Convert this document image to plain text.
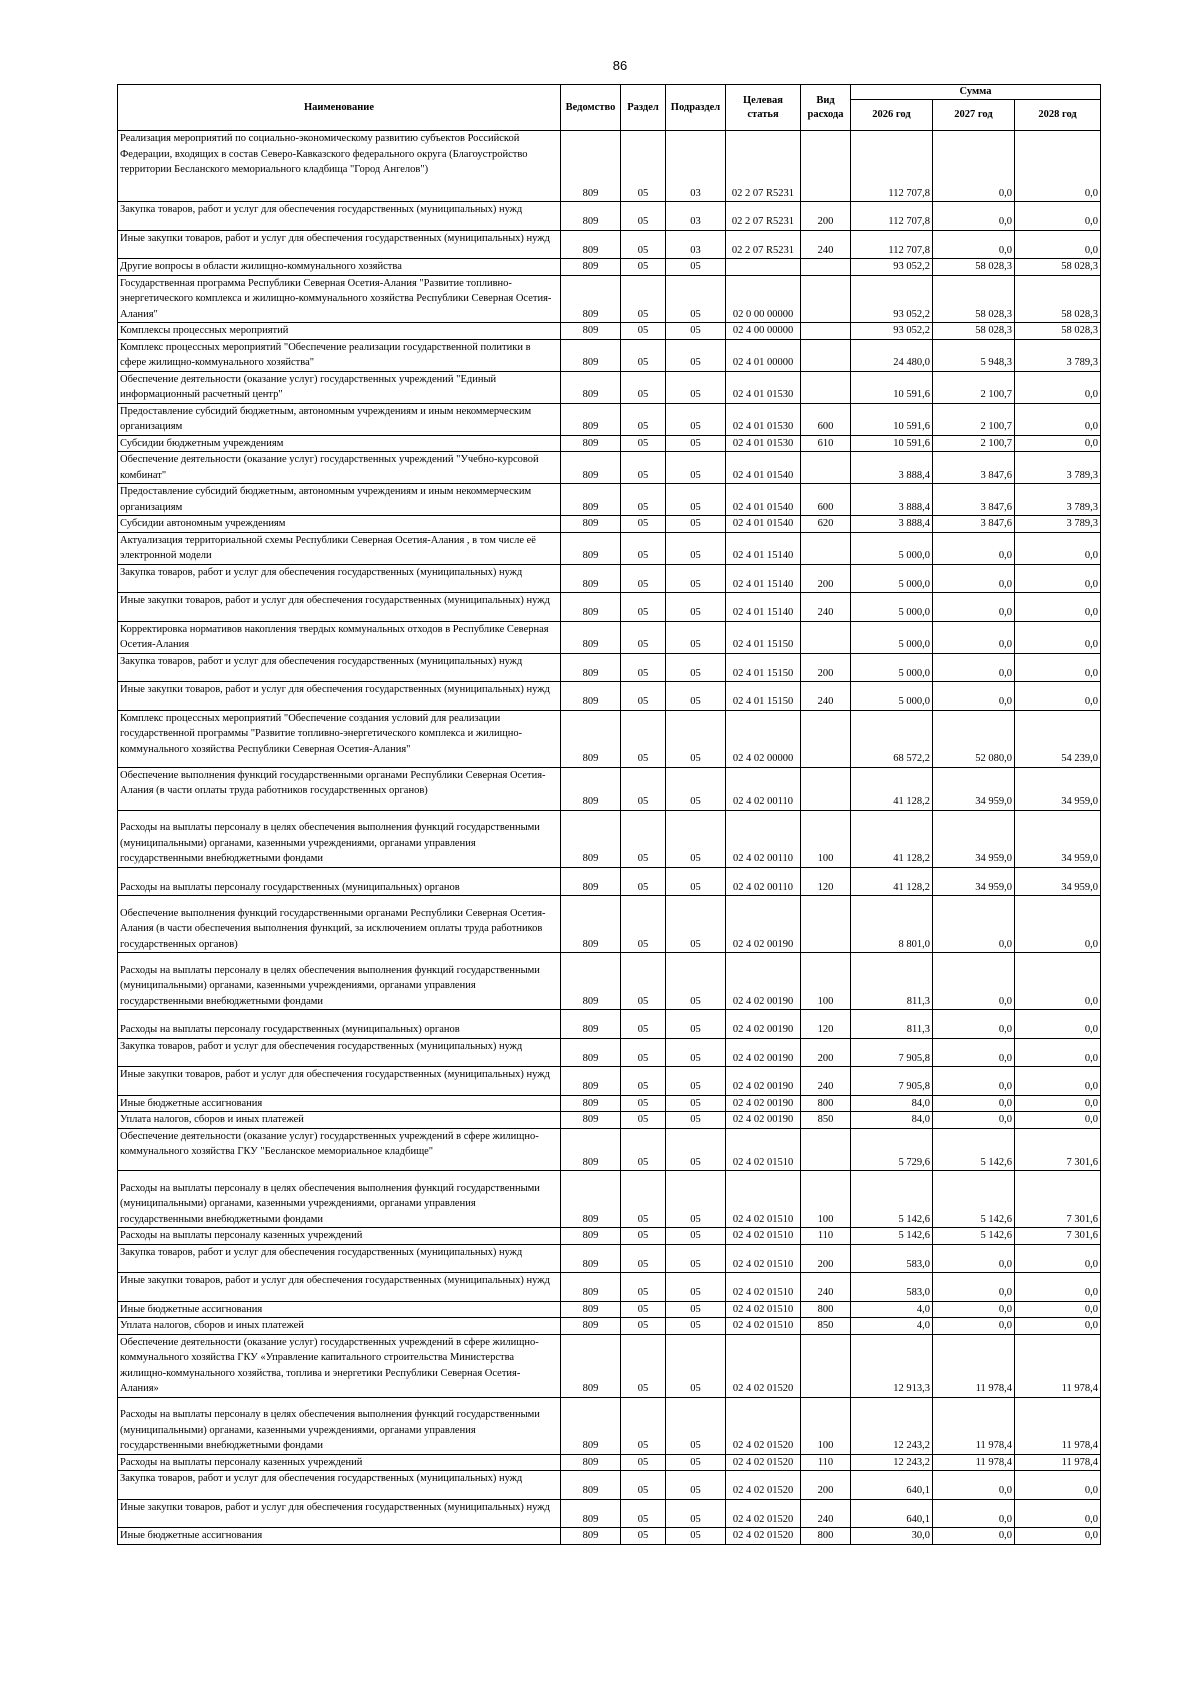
86
Наименование	Ведомство	Раздел	Подраздел	Целевая статья	Вид расхода	Сумма		
						2026 год	2027 год	2028 год
Реализация мероприятий по социально-экономическому развитию субъектов Российской Федерации, входящих в состав Северо-Кавказского федерального округа (Благоустройство территории Бесланского мемориального кладбища "Город Ангелов")	809	05	03	02 2 07 R5231		112 707,8	0,0	0,0
Закупка товаров, работ и услуг для обеспечения государственных (муниципальных) нужд	809	05	03	02 2 07 R5231	200	112 707,8	0,0	0,0
Иные закупки товаров, работ и услуг для обеспечения государственных (муниципальных) нужд	809	05	03	02 2 07 R5231	240	112 707,8	0,0	0,0
Другие вопросы в области жилищно-коммунального хозяйства	809	05	05			93 052,2	58 028,3	58 028,3
Государственная программа Республики Северная Осетия-Алания "Развитие топливно-энергетического комплекса и жилищно-коммунального хозяйства Республики Северная Осетия-Алания"	809	05	05	02 0 00 00000		93 052,2	58 028,3	58 028,3
Комплексы процессных мероприятий	809	05	05	02 4 00 00000		93 052,2	58 028,3	58 028,3
Комплекс процессных мероприятий "Обеспечение реализации государственной политики в сфере жилищно-коммунального хозяйства"	809	05	05	02 4 01 00000		24 480,0	5 948,3	3 789,3
Обеспечение деятельности (оказание услуг) государственных учреждений "Единый информационный расчетный центр"	809	05	05	02 4 01 01530		10 591,6	2 100,7	0,0
Предоставление субсидий бюджетным, автономным учреждениям и иным некоммерческим организациям	809	05	05	02 4 01 01530	600	10 591,6	2 100,7	0,0
Субсидии бюджетным учреждениям	809	05	05	02 4 01 01530	610	10 591,6	2 100,7	0,0
Обеспечение деятельности (оказание услуг) государственных учреждений "Учебно-курсовой комбинат"	809	05	05	02 4 01 01540		3 888,4	3 847,6	3 789,3
Предоставление субсидий бюджетным, автономным учреждениям и иным некоммерческим организациям	809	05	05	02 4 01 01540	600	3 888,4	3 847,6	3 789,3
Субсидии автономным учреждениям	809	05	05	02 4 01 01540	620	3 888,4	3 847,6	3 789,3
Актуализация территориальной схемы Республики Северная Осетия-Алания , в том числе её электронной модели	809	05	05	02 4 01 15140		5 000,0	0,0	0,0
Закупка товаров, работ и услуг для обеспечения государственных (муниципальных) нужд	809	05	05	02 4 01 15140	200	5 000,0	0,0	0,0
Иные закупки товаров, работ и услуг для обеспечения государственных (муниципальных) нужд	809	05	05	02 4 01 15140	240	5 000,0	0,0	0,0
Корректировка нормативов накопления твердых коммунальных отходов в Республике Северная Осетия-Алания	809	05	05	02 4 01 15150		5 000,0	0,0	0,0
Закупка товаров, работ и услуг для обеспечения государственных (муниципальных) нужд	809	05	05	02 4 01 15150	200	5 000,0	0,0	0,0
Иные закупки товаров, работ и услуг для обеспечения государственных (муниципальных) нужд	809	05	05	02 4 01 15150	240	5 000,0	0,0	0,0
Комплекс процессных мероприятий "Обеспечение создания условий для реализации государственной программы "Развитие топливно-энергетического комплекса и жилищно-коммунального хозяйства Республики Северная Осетия-Алания"	809	05	05	02 4 02 00000		68 572,2	52 080,0	54 239,0
Обеспечение выполнения функций государственными органами Республики Северная Осетия-Алания (в части оплаты труда работников государственных органов)	809	05	05	02 4 02 00110		41 128,2	34 959,0	34 959,0
Расходы на выплаты персоналу в целях обеспечения выполнения функций государственными (муниципальными) органами, казенными учреждениями, органами управления государственными внебюджетными фондами	809	05	05	02 4 02 00110	100	41 128,2	34 959,0	34 959,0
Расходы на выплаты персоналу государственных (муниципальных) органов	809	05	05	02 4 02 00110	120	41 128,2	34 959,0	34 959,0
Обеспечение выполнения функций государственными органами Республики Северная Осетия-Алания (в части обеспечения выполнения функций, за исключением оплаты труда работников государственных органов)	809	05	05	02 4 02 00190		8 801,0	0,0	0,0
Расходы на выплаты персоналу в целях обеспечения выполнения функций государственными (муниципальными) органами, казенными учреждениями, органами управления государственными внебюджетными фондами	809	05	05	02 4 02 00190	100	811,3	0,0	0,0
Расходы на выплаты персоналу государственных (муниципальных) органов	809	05	05	02 4 02 00190	120	811,3	0,0	0,0
Закупка товаров, работ и услуг для обеспечения государственных (муниципальных) нужд	809	05	05	02 4 02 00190	200	7 905,8	0,0	0,0
Иные закупки товаров, работ и услуг для обеспечения государственных (муниципальных) нужд	809	05	05	02 4 02 00190	240	7 905,8	0,0	0,0
Иные бюджетные ассигнования	809	05	05	02 4 02 00190	800	84,0	0,0	0,0
Уплата налогов, сборов и иных платежей	809	05	05	02 4 02 00190	850	84,0	0,0	0,0
Обеспечение деятельности (оказание услуг) государственных учреждений в сфере жилищно-коммунального хозяйства ГКУ "Бесланское мемориальное кладбище"	809	05	05	02 4 02 01510		5 729,6	5 142,6	7 301,6
Расходы на выплаты персоналу в целях обеспечения выполнения функций государственными (муниципальными) органами, казенными учреждениями, органами управления государственными внебюджетными фондами	809	05	05	02 4 02 01510	100	5 142,6	5 142,6	7 301,6
Расходы на выплаты персоналу казенных учреждений	809	05	05	02 4 02 01510	110	5 142,6	5 142,6	7 301,6
Закупка товаров, работ и услуг для обеспечения государственных (муниципальных) нужд	809	05	05	02 4 02 01510	200	583,0	0,0	0,0
Иные закупки товаров, работ и услуг для обеспечения государственных (муниципальных) нужд	809	05	05	02 4 02 01510	240	583,0	0,0	0,0
Иные бюджетные ассигнования	809	05	05	02 4 02 01510	800	4,0	0,0	0,0
Уплата налогов, сборов и иных платежей	809	05	05	02 4 02 01510	850	4,0	0,0	0,0
Обеспечение деятельности (оказание услуг) государственных учреждений в сфере жилищно-коммунального хозяйства ГКУ «Управление капитального строительства Министерства жилищно-коммунального хозяйства, топлива и энергетики Республики Северная Осетия-Алания»	809	05	05	02 4 02 01520		12 913,3	11 978,4	11 978,4
Расходы на выплаты персоналу в целях обеспечения выполнения функций государственными (муниципальными) органами, казенными учреждениями, органами управления государственными внебюджетными фондами	809	05	05	02 4 02 01520	100	12 243,2	11 978,4	11 978,4
Расходы на выплаты персоналу казенных учреждений	809	05	05	02 4 02 01520	110	12 243,2	11 978,4	11 978,4
Закупка товаров, работ и услуг для обеспечения государственных (муниципальных) нужд	809	05	05	02 4 02 01520	200	640,1	0,0	0,0
Иные закупки товаров, работ и услуг для обеспечения государственных (муниципальных) нужд	809	05	05	02 4 02 01520	240	640,1	0,0	0,0
Иные бюджетные ассигнования	809	05	05	02 4 02 01520	800	30,0	0,0	0,0
